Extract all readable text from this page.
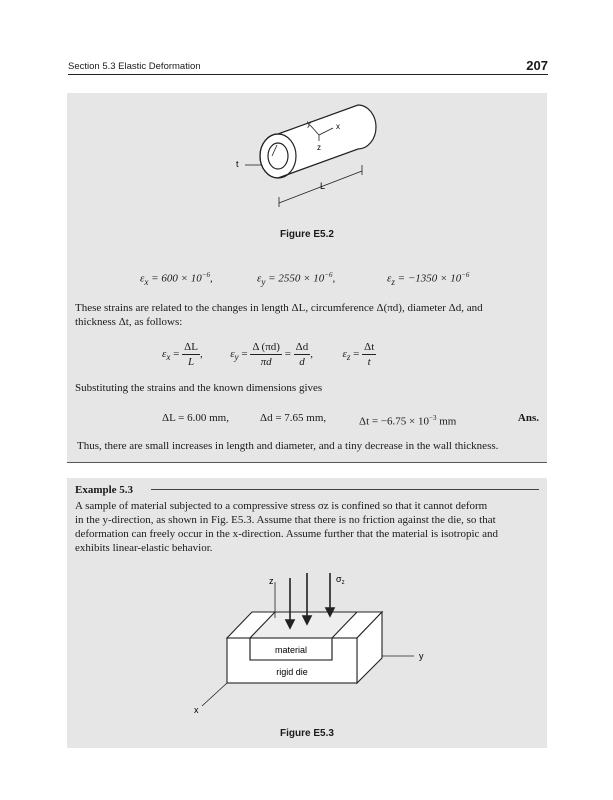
Section 5.3 Elastic Deformation	207
y	x
z
t
L
Figure E5.2
$\varepsilon_x = 600 \times 10^{-6}$,	$\varepsilon_y = 2550 \times 10^{-6}$,	$\varepsilon_z = -1350 \times 10^{-6}$
These strains are related to the changes in length ΔL, circumference Δ(πd), diameter Δd, and
thickness Δt, as follows:
$\varepsilon_x = \frac{\Delta L}{L}$ ,  $\varepsilon_y = \frac{\Delta (\pi d)}{\pi d} = \frac{\Delta d}{d}$ ,  $\varepsilon_z = \frac{\Delta t}{t}$
Substituting the strains and the known dimensions gives
ΔL = 6.00 mm,	Δd = 7.65 mm,	$\Delta t = -6.75 \times 10^{-3}$ mm	Ans.
Thus, there are small increases in length and diameter, and a tiny decrease in the wall thickness.
Example 5.3
A sample of material subjected to a compressive stress σz is confined so that it cannot deform
in the y-direction, as shown in Fig. E5.3. Assume that there is no friction against the die, so that
deformation can freely occur in the x-direction. Assume further that the material is isotropic and
exhibits linear-elastic behavior.
z	$\sigma_z$
y
x
material
rigid die
Figure E5.3
